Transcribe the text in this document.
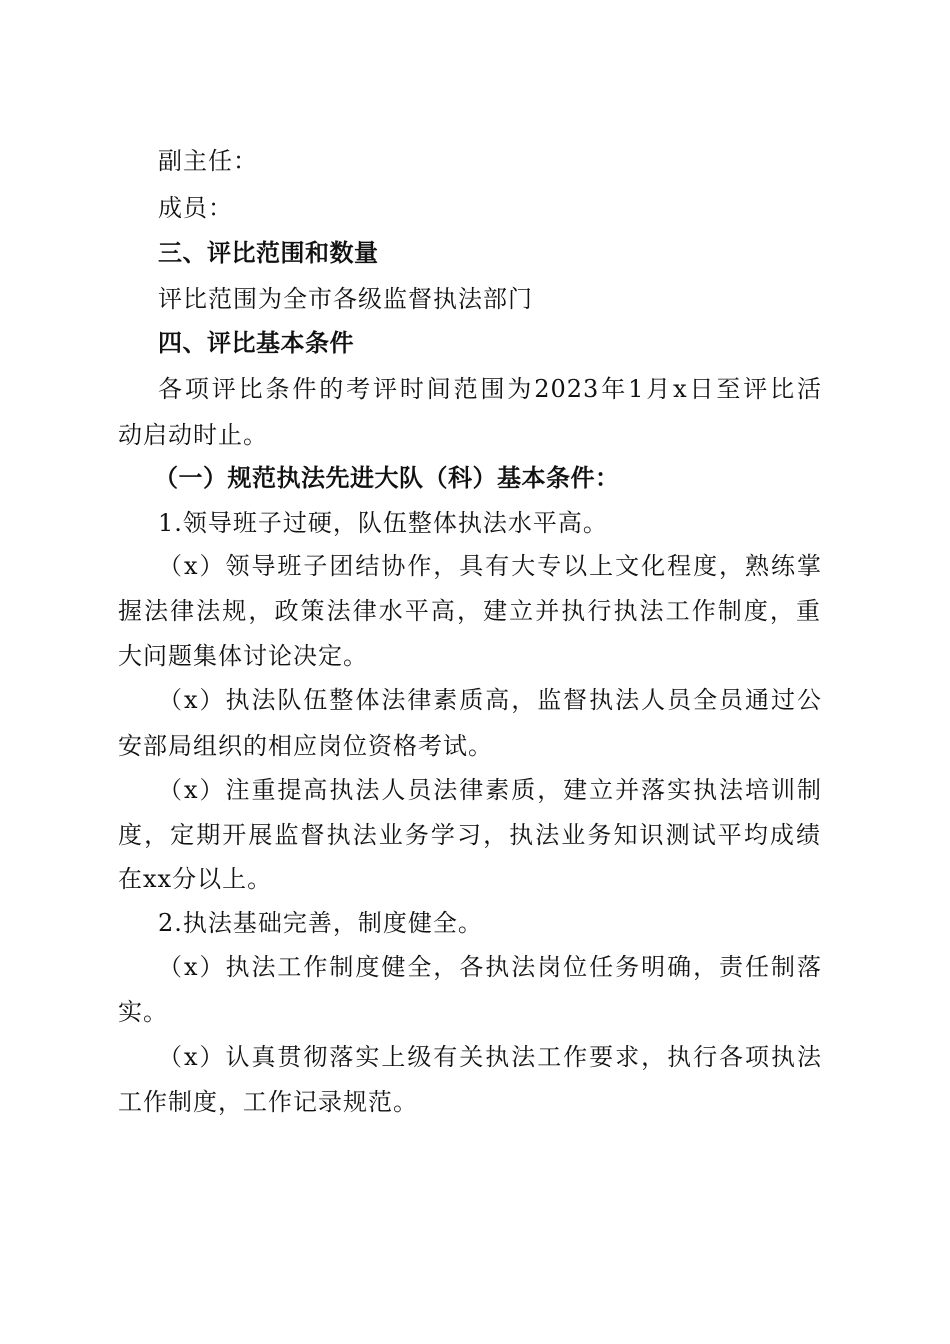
副主任：
成员：
三、评比范围和数量
评比范围为全市各级监督执法部门
四、评比基本条件
各项评比条件的考评时间范围为2023年1月x日至评比活
动启动时止。
（一）规范执法先进大队（科）基本条件：
1.领导班子过硬，队伍整体执法水平高。
（x）领导班子团结协作，具有大专以上文化程度，熟练掌
握法律法规，政策法律水平高，建立并执行执法工作制度，重
大问题集体讨论决定。
（x）执法队伍整体法律素质高，监督执法人员全员通过公
安部局组织的相应岗位资格考试。
（x）注重提高执法人员法律素质，建立并落实执法培训制
度，定期开展监督执法业务学习，执法业务知识测试平均成绩
在xx分以上。
2.执法基础完善，制度健全。
（x）执法工作制度健全，各执法岗位任务明确，责任制落
实。
（x）认真贯彻落实上级有关执法工作要求，执行各项执法
工作制度，工作记录规范。
